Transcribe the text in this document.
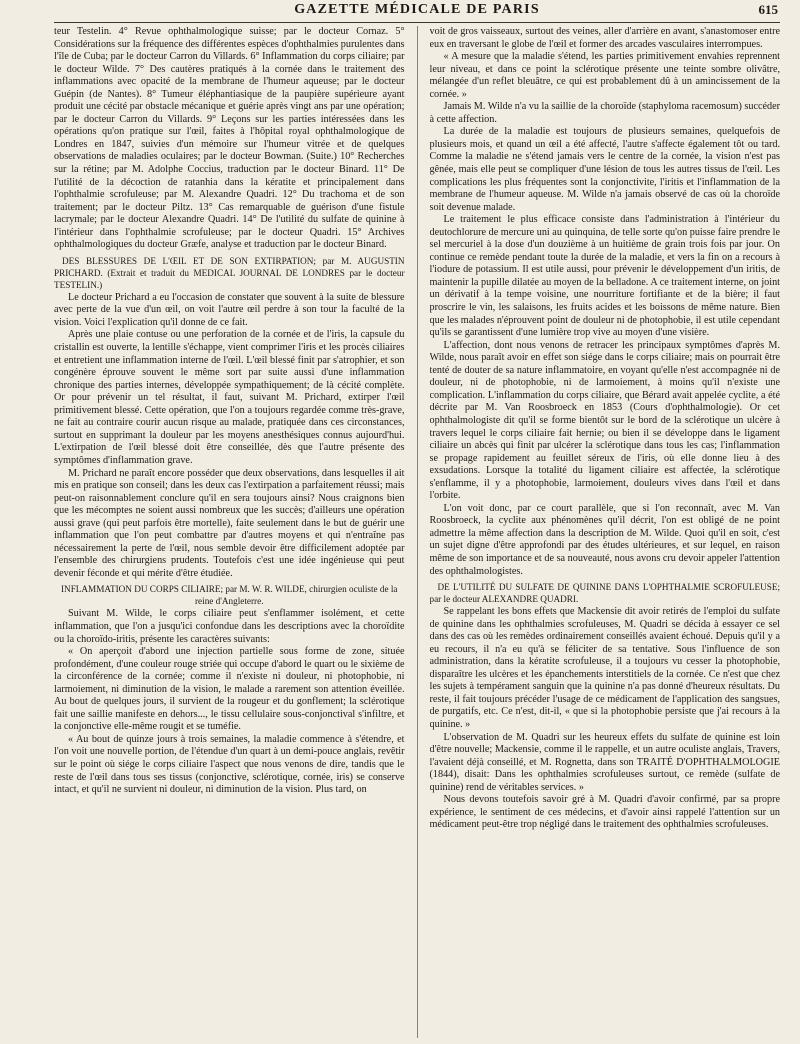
GAZETTE MÉDICALE DE PARIS	615

teur Testelin. 4° Revue ophthalmologique suisse; par le docteur Cornaz. 5° Considérations sur la fréquence des différentes espèces d'ophthalmies purulentes dans l'île de Cuba; par le docteur Carron du Villards. 6° Inflammation du corps ciliaire; par le docteur Wilde. 7° Des cautères pratiqués à la cornée dans le traitement des inflammations avec opacité de la membrane de l'humeur aqueuse; par le docteur Guépin (de Nantes). 8° Tumeur éléphantiasique de la paupière supérieure ayant produit une cécité par obstacle mécanique et guérie après vingt ans par une opération; par le docteur Carron du Villards. 9° Leçons sur les parties intéressées dans les opérations qu'on pratique sur l'œil, faites à l'hôpital royal ophthalmologique de Londres en 1847, suivies d'un mémoire sur l'humeur vitrée et de quelques observations de maladies oculaires; par le docteur Bowman. (Suite.) 10° Recherches sur la rétine; par M. Adolphe Coccius, traduction par le docteur Binard. 11° De l'utilité de la décoction de ratanhia dans la kératite et principalement dans l'ophthalmie scrofuleuse; par M. Alexandre Quadri. 12° Du trachoma et de son traitement; par le docteur Piltz. 13° Cas remarquable de guérison d'une fistule lacrymale; par le docteur Alexandre Quadri. 14° De l'utilité du sulfate de quinine à l'intérieur dans l'ophthalmie scrofuleuse; par le docteur Quadri. 15° Archives ophthalmologiques du docteur Græfe, analyse et traduction par le docteur Binard.

DES BLESSURES DE L'ŒIL ET DE SON EXTIRPATION; par M. AUGUSTIN PRICHARD. (Extrait et traduit du MEDICAL JOURNAL DE LONDRES par le docteur TESTELIN.)

Le docteur Prichard a eu l'occasion de constater que souvent à la suite de blessure avec perte de la vue d'un œil, on voit l'autre œil perdre à son tour la faculté de la vision. Voici l'explication qu'il donne de ce fait.

Après une plaie contuse ou une perforation de la cornée et de l'iris, la capsule du cristallin est ouverte, la lentille s'échappe, vient comprimer l'iris et les procès ciliaires et entretient une inflammation interne de l'œil. L'œil blessé finit par s'atrophier, et son congénère éprouve souvent le même sort par suite aussi d'une inflammation chronique des parties internes, développée sympathiquement; de là cécité complète. Or pour prévenir un tel résultat, il faut, suivant M. Prichard, extirper l'œil primitivement blessé. Cette opération, que l'on a toujours regardée comme très-grave, ne fait au contraire courir aucun risque au malade, pratiquée dans ces circonstances, surtout en supprimant la douleur par les moyens anesthésiques connus aujourd'hui. L'extirpation de l'œil blessé doit être conseillée, dès que l'autre présente des symptômes d'inflammation grave.

M. Prichard ne paraît encore posséder que deux observations, dans lesquelles il ait mis en pratique son conseil; dans les deux cas l'extirpation a parfaitement réussi; mais peut-on raisonnablement conclure qu'il en sera toujours ainsi? Nous craignons bien que les mécomptes ne soient aussi nombreux que les succès; d'ailleurs une opération aussi grave (qui peut parfois être mortelle), faite seulement dans le but de guérir une inflammation que l'on peut combattre par d'autres moyens et qui n'entraîne pas nécessairement la perte de l'œil, nous semble devoir être difficilement adoptée par l'ensemble des chirurgiens prudents. Toutefois c'est une idée ingénieuse qui peut devenir féconde et qui mérite d'être étudiée.

INFLAMMATION DU CORPS CILIAIRE; par M. W. R. WILDE, chirurgien oculiste de la reine d'Angleterre.

Suivant M. Wilde, le corps ciliaire peut s'enflammer isolément, et cette inflammation, que l'on a jusqu'ici confondue dans les descriptions avec la choroïdite ou la choroïdo-iritis, présente les caractères suivants:

« On aperçoit d'abord une injection partielle sous forme de zone, située profondément, d'une couleur rouge striée qui occupe d'abord le quart ou le sixième de la circonférence de la cornée; comme il n'existe ni douleur, ni photophobie, ni larmoiement, ni diminution de la vision, le malade a rarement son attention éveillée. Au bout de quelques jours, il survient de la rougeur et du gonflement; la sclérotique fait une saillie manifeste en dehors..., le tissu cellulaire sous-conjonctival s'infiltre, et la conjonctive elle-même rougit et se tuméfie.

« Au bout de quinze jours à trois semaines, la maladie commence à s'étendre, et l'on voit une nouvelle portion, de l'étendue d'un quart à un demi-pouce anglais, revêtir sur le point où siége le corps ciliaire l'aspect que nous venons de dire, tandis que le reste de l'œil dans tous ses tissus (conjonctive, sclérotique, cornée, iris) se conserve intact, et qu'il ne survient ni douleur, ni diminution de la vision. Plus tard, on

voit de gros vaisseaux, surtout des veines, aller d'arrière en avant, s'anastomoser entre eux en traversant le globe de l'œil et former des arcades vasculaires interrompues.

« A mesure que la maladie s'étend, les parties primitivement envahies reprennent leur niveau, et dans ce point la sclérotique présente une teinte sombre olivâtre, mélangée d'un reflet bleuâtre, ce qui est probablement dû à un amincissement de la cornée. »

Jamais M. Wilde n'a vu la saillie de la choroïde (staphyloma racemosum) succéder à cette affection.

La durée de la maladie est toujours de plusieurs semaines, quelquefois de plusieurs mois, et quand un œil a été affecté, l'autre s'affecte également tôt ou tard. Comme la maladie ne s'étend jamais vers le centre de la cornée, la vision n'est pas gênée, mais elle peut se compliquer d'une lésion de tous les autres tissus de l'œil. Les complications les plus fréquentes sont la conjonctivite, l'iritis et l'inflammation de la membrane de l'humeur aqueuse. M. Wilde n'a jamais observé de cas où la choroïde soit devenue malade.

Le traitement le plus efficace consiste dans l'administration à l'intérieur du deutochlorure de mercure uni au quinquina, de telle sorte qu'on puisse faire prendre le sel mercuriel à la dose d'un douzième à un huitième de grain trois fois par jour. On continue ce remède pendant toute la durée de la maladie, et vers la fin on a recours à l'iodure de potassium. Il est utile aussi, pour prévenir le développement d'un iritis, de maintenir la pupille dilatée au moyen de la belladone. A ce traitement interne, on joint un dérivatif à la tempe voisine, une nourriture fortifiante et de la bière; il faut proscrire le vin, les salaisons, les fruits acides et les boissons de même nature. Bien que les malades n'éprouvent point de douleur ni de photophobie, il est utile cependant qu'ils se garantissent d'une lumière trop vive au moyen d'une visière.

L'affection, dont nous venons de retracer les principaux symptômes d'après M. Wilde, nous paraît avoir en effet son siége dans le corps ciliaire; mais on pourrait être tenté de douter de sa nature inflammatoire, en voyant qu'elle n'est accompagnée ni de douleur, ni de photophobie, ni de larmoiement, à moins qu'il n'existe une complication. L'inflammation du corps ciliaire, que Bérard avait appelée cyclite, a été décrite par M. Van Roosbroeck en 1853 (Cours d'ophthalmologie). Or cet ophthalmologiste dit qu'il se forme bientôt sur le bord de la sclérotique un ulcère à travers lequel le corps ciliaire fait hernie; ou bien il se développe dans le ligament ciliaire un abcès qui finit par ulcérer la sclérotique dans tous les cas; l'inflammation se propage rapidement au feuillet séreux de l'iris, où elle donne lieu à des exsudations. Lorsque la totalité du ligament ciliaire est affectée, la sclérotique s'enflamme, il y a photophobie, larmoiement, douleurs vives dans l'œil et dans l'orbite.

L'on voit donc, par ce court parallèle, que si l'on reconnaît, avec M. Van Roosbroeck, la cyclite aux phénomènes qu'il décrit, l'on est obligé de ne point admettre la même affection dans la description de M. Wilde. Quoi qu'il en soit, c'est un sujet digne d'être approfondi par des études ultérieures, et sur lequel, en raison même de son importance et de sa nouveauté, nous avons cru devoir appeler l'attention des ophthalmologistes.

DE L'UTILITÉ DU SULFATE DE QUININE DANS L'OPHTHALMIE SCROFULEUSE; par le docteur ALEXANDRE QUADRI.

Se rappelant les bons effets que Mackensie dit avoir retirés de l'emploi du sulfate de quinine dans les ophthalmies scrofuleuses, M. Quadri se décida à essayer ce sel dans des cas où les remèdes ordinairement conseillés avaient échoué. Depuis qu'il y a eu recours, il n'a eu qu'à se féliciter de sa tentative. Sous l'influence de son administration, dans la kératite scrofuleuse, il a toujours vu cesser la photophobie, disparaître les ulcères et les épanchements interstitiels de la cornée. Ce n'est que chez les sujets à tempérament sanguin que la quinine n'a pas donné d'heureux résultats. Du reste, il fait toujours précéder l'usage de ce médicament de l'application des sangsues, de purgatifs, etc. Ce n'est, dit-il, « que si la photophobie persiste que j'ai recours à la quinine. »

L'observation de M. Quadri sur les heureux effets du sulfate de quinine est loin d'être nouvelle; Mackensie, comme il le rappelle, et un autre oculiste anglais, Travers, l'avaient déjà conseillé, et M. Rognetta, dans son TRAITÉ D'OPHTHALMOLOGIE (1844), disait: Dans les ophthalmies scrofuleuses surtout, ce remède (sulfate de quinine) rend de véritables services. »

Nous devons toutefois savoir gré à M. Quadri d'avoir confirmé, par sa propre expérience, le sentiment de ces médecins, et d'avoir ainsi rappelé l'attention sur un médicament peut-être trop négligé dans le traitement des ophthalmies scrofuleuses.
